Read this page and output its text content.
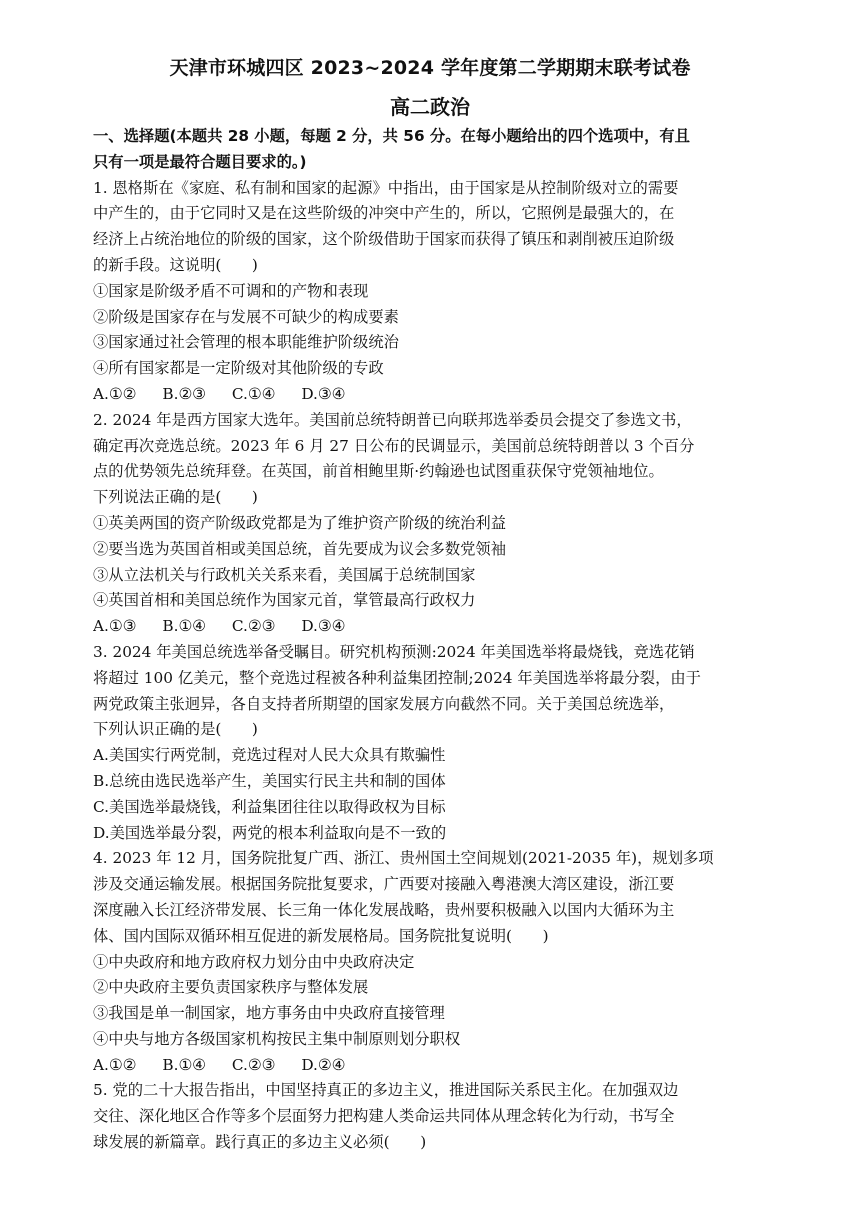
天津市环城四区 2023~2024 学年度第二学期期末联考试卷
高二政治
一、选择题(本题共 28 小题，每题 2 分，共 56 分。在每小题给出的四个选项中，有且
只有一项是最符合题目要求的。)
1. 恩格斯在《家庭、私有制和国家的起源》中指出，由于国家是从控制阶级对立的需要
中产生的，由于它同时又是在这些阶级的冲突中产生的，所以，它照例是最强大的，在
经济上占统治地位的阶级的国家，这个阶级借助于国家而获得了镇压和剥削被压迫阶级
的新手段。这说明(　　)
①国家是阶级矛盾不可调和的产物和表现
②阶级是国家存在与发展不可缺少的构成要素
③国家通过社会管理的根本职能维护阶级统治
④所有国家都是一定阶级对其他阶级的专政
A.①② B.②③ C.①④ D.③④
2. 2024 年是西方国家大选年。美国前总统特朗普已向联邦选举委员会提交了参选文书，
确定再次竞选总统。2023 年 6 月 27 日公布的民调显示，美国前总统特朗普以 3 个百分
点的优势领先总统拜登。在英国，前首相鲍里斯·约翰逊也试图重获保守党领袖地位。
下列说法正确的是(　　)
①英美两国的资产阶级政党都是为了维护资产阶级的统治利益
②要当选为英国首相或美国总统，首先要成为议会多数党领袖
③从立法机关与行政机关关系来看，美国属于总统制国家
④英国首相和美国总统作为国家元首，掌管最高行政权力
A.①③ B.①④ C.②③ D.③④
3. 2024 年美国总统选举备受瞩目。研究机构预测:2024 年美国选举将最烧钱，竞选花销
将超过 100 亿美元，整个竞选过程被各种利益集团控制;2024 年美国选举将最分裂，由于
两党政策主张迥异，各自支持者所期望的国家发展方向截然不同。关于美国总统选举，
下列认识正确的是(　　)
A.美国实行两党制，竞选过程对人民大众具有欺骗性
B.总统由选民选举产生，美国实行民主共和制的国体
C.美国选举最烧钱，利益集团往往以取得政权为目标
D.美国选举最分裂，两党的根本利益取向是不一致的
4. 2023 年 12 月，国务院批复广西、浙江、贵州国土空间规划(2021-2035 年)，规划多项
涉及交通运输发展。根据国务院批复要求，广西要对接融入粤港澳大湾区建设，浙江要
深度融入长江经济带发展、长三角一体化发展战略，贵州要积极融入以国内大循环为主
体、国内国际双循环相互促进的新发展格局。国务院批复说明(　　)
①中央政府和地方政府权力划分由中央政府决定
②中央政府主要负责国家秩序与整体发展
③我国是单一制国家，地方事务由中央政府直接管理
④中央与地方各级国家机构按民主集中制原则划分职权
A.①② B.①④ C.②③ D.②④
5. 党的二十大报告指出，中国坚持真正的多边主义，推进国际关系民主化。在加强双边
交往、深化地区合作等多个层面努力把构建人类命运共同体从理念转化为行动，书写全
球发展的新篇章。践行真正的多边主义必须(　　)
